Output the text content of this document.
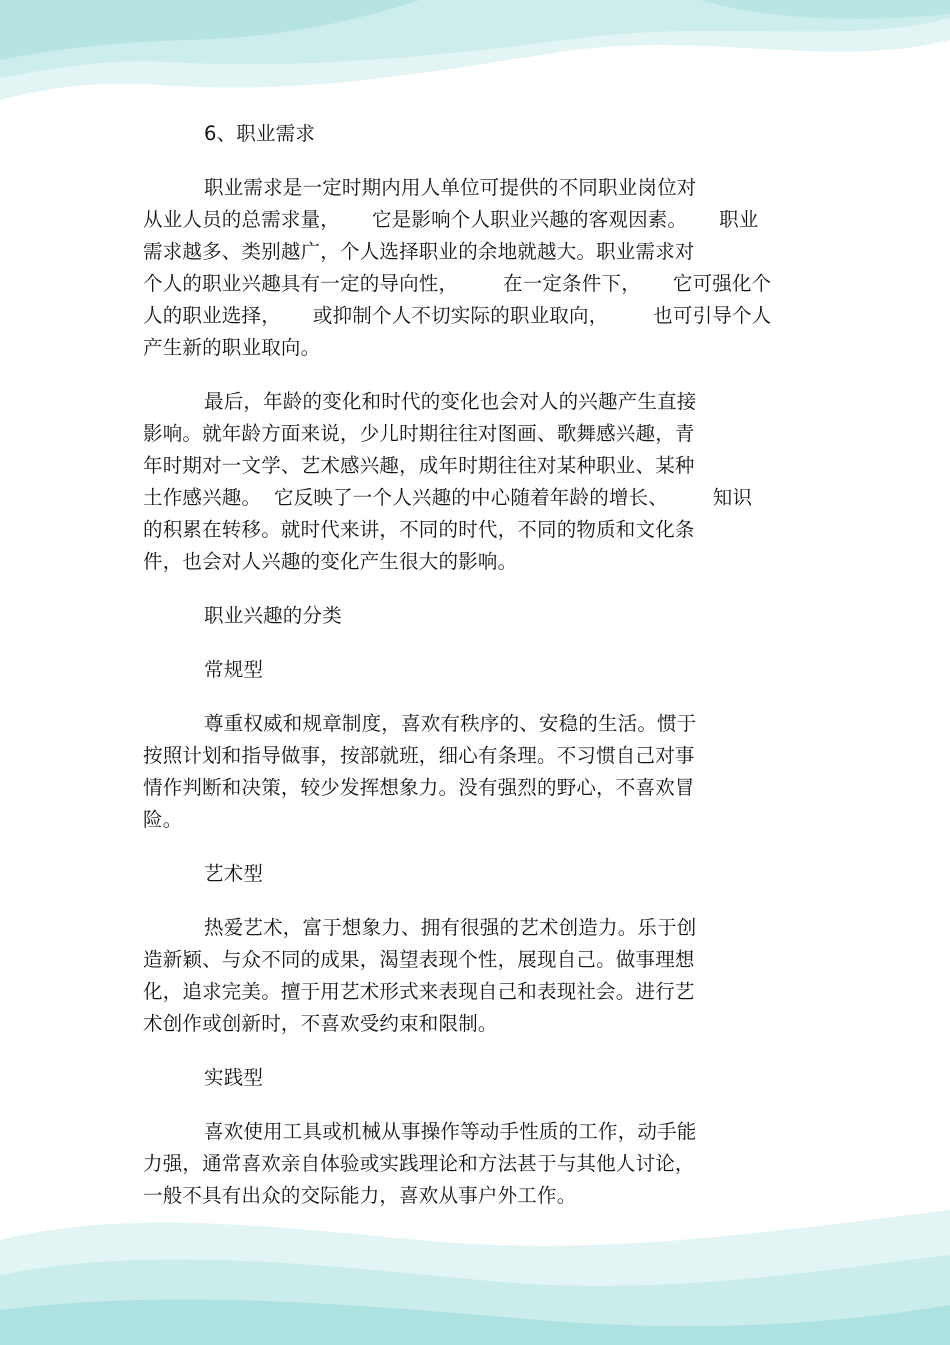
6、职业需求
职业需求是一定时期内用人单位可提供的不同职业岗位对
从业人员的总需求量，     它是影响个人职业兴趣的客观因素。     职业
需求越多、类别越广，个人选择职业的余地就越大。职业需求对
个人的职业兴趣具有一定的导向性，       在一定条件下，     它可强化个
人的职业选择，     或抑制个人不切实际的职业取向，       也可引导个人
产生新的职业取向。
最后，年龄的变化和时代的变化也会对人的兴趣产生直接
影响。就年龄方面来说，少儿时期往往对图画、歌舞感兴趣，青
年时期对一文学、艺术感兴趣，成年时期往往对某种职业、某种
土作感兴趣。  它反映了一个人兴趣的中心随着年龄的增长、       知识
的积累在转移。就时代来讲，不同的时代，不同的物质和文化条
件，也会对人兴趣的变化产生很大的影响。
职业兴趣的分类
常规型
尊重权威和规章制度，喜欢有秩序的、安稳的生活。惯于
按照计划和指导做事，按部就班，细心有条理。不习惯自己对事
情作判断和决策，较少发挥想象力。没有强烈的野心，不喜欢冒
险。
艺术型
热爱艺术，富于想象力、拥有很强的艺术创造力。乐于创
造新颖、与众不同的成果，渴望表现个性，展现自己。做事理想
化，追求完美。擅于用艺术形式来表现自己和表现社会。进行艺
术创作或创新时，不喜欢受约束和限制。
实践型
喜欢使用工具或机械从事操作等动手性质的工作，动手能
力强，通常喜欢亲自体验或实践理论和方法甚于与其他人讨论，
一般不具有出众的交际能力，喜欢从事户外工作。
